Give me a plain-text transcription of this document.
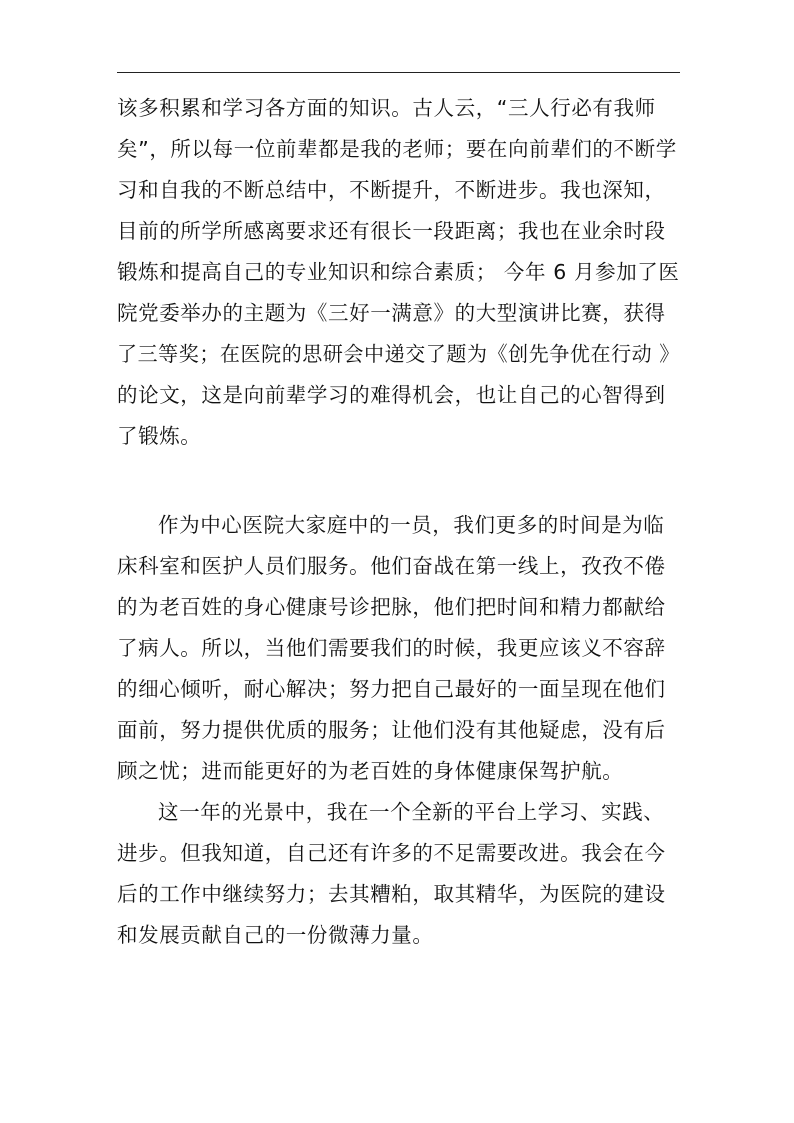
该多积累和学习各方面的知识。古人云，“三人行必有我师
矣”，所以每一位前辈都是我的老师；要在向前辈们的不断学
习和自我的不断总结中，不断提升，不断进步。我也深知，
目前的所学所感离要求还有很长一段距离；我也在业余时段
锻炼和提高自己的专业知识和综合素质； 今年 6 月参加了医
院党委举办的主题为《三好一满意》的大型演讲比赛，获得
了三等奖；在医院的思研会中递交了题为《创先争优在行动 》
的论文，这是向前辈学习的难得机会，也让自己的心智得到
了锻炼。
作为中心医院大家庭中的一员，我们更多的时间是为临
床科室和医护人员们服务。他们奋战在第一线上，孜孜不倦
的为老百姓的身心健康号诊把脉，他们把时间和精力都献给
了病人。所以，当他们需要我们的时候，我更应该义不容辞
的细心倾听，耐心解决；努力把自己最好的一面呈现在他们
面前，努力提供优质的服务；让他们没有其他疑虑，没有后
顾之忧；进而能更好的为老百姓的身体健康保驾护航。
这一年的光景中，我在一个全新的平台上学习、实践、
进步。但我知道，自己还有许多的不足需要改进。我会在今
后的工作中继续努力；去其糟粕，取其精华，为医院的建设
和发展贡献自己的一份微薄力量。
